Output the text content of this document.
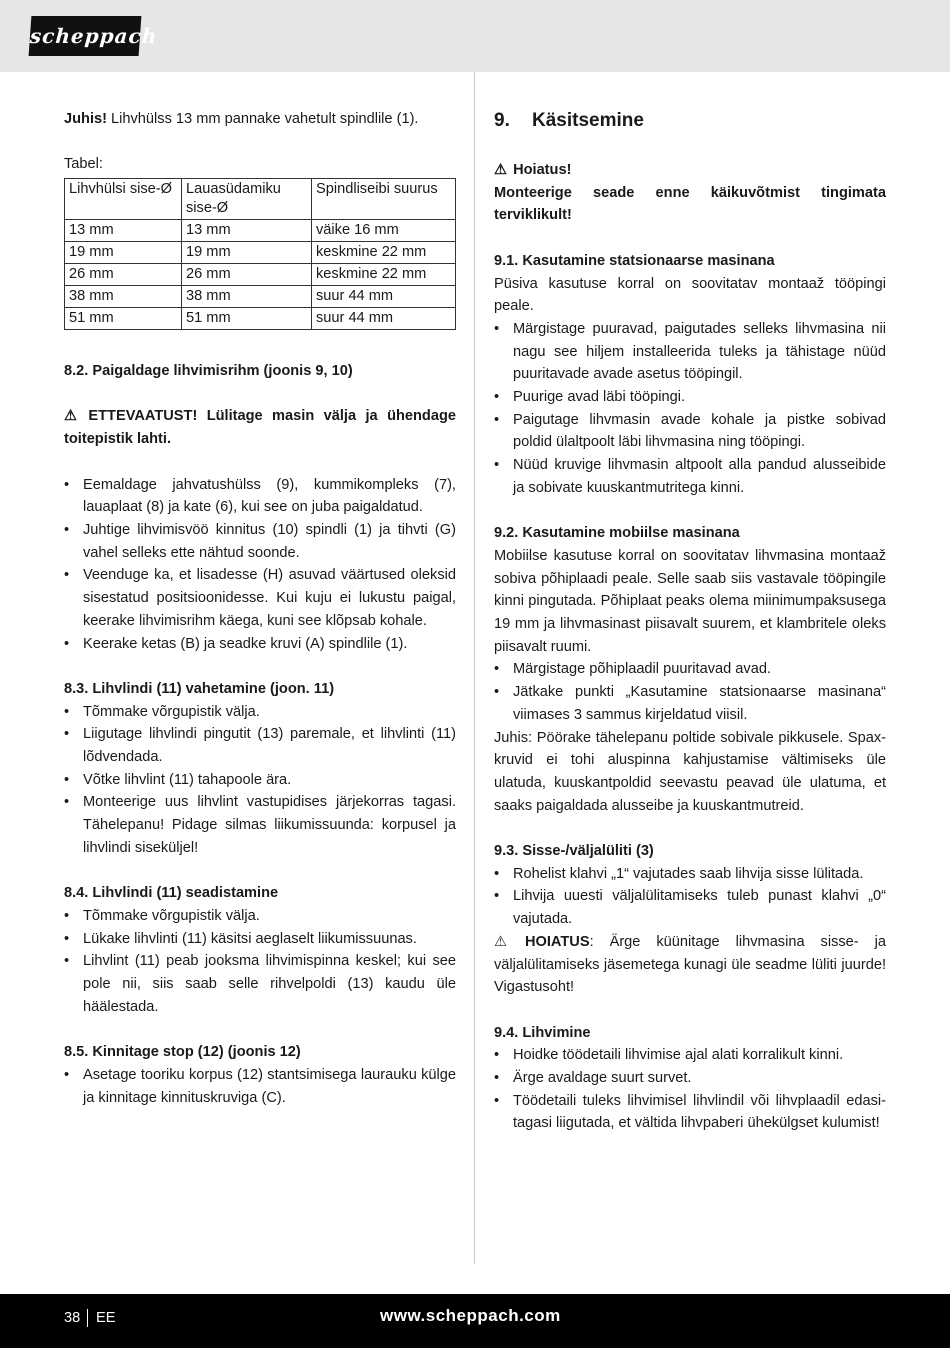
scheppach

Juhis! Lihvhülss 13 mm pannake vahetult spindlile (1).

Tabel:

Lihvhülsi sise-Ø	Lauasüdamiku sise-Ø	Spindliseibi suurus
13 mm	13 mm	väike 16 mm
19 mm	19 mm	keskmine 22 mm
26 mm	26 mm	keskmine 22 mm
38 mm	38 mm	suur 44 mm
51 mm	51 mm	suur 44 mm

8.2. Paigaldage lihvimisrihm (joonis 9, 10)

⚠ ETTEVAATUST! Lülitage masin välja ja ühendage toitepistik lahti.

• Eemaldage jahvatushülss (9), kummikompleks (7), lauaplaat (8) ja kate (6), kui see on juba paigaldatud.
• Juhtige lihvimisvöö kinnitus (10) spindli (1) ja tihvti (G) vahel selleks ette nähtud soonde.
• Veenduge ka, et lisadesse (H) asuvad väärtused oleksid sisestatud positsioonidesse. Kui kuju ei lukustu paigal, keerake lihvimisrihm käega, kuni see klõpsab kohale.
• Keerake ketas (B) ja seadke kruvi (A) spindlile (1).

8.3. Lihvlindi (11) vahetamine (joon. 11)

• Tõmmake võrgupistik välja.
• Liigutage lihvlindi pingutit (13) paremale, et lihvlinti (11) lõdvendada.
• Võtke lihvlint (11) tahapoole ära.
• Monteerige uus lihvlint vastupidises järjekorras tagasi. Tähelepanu! Pidage silmas liikumissuunda: korpusel ja lihvlindi siseküljel!

8.4. Lihvlindi (11) seadistamine

• Tõmmake võrgupistik välja.
• Lükake lihvlinti (11) käsitsi aeglaselt liikumissuunas.
• Lihvlint (11) peab jooksma lihvimispinna keskel; kui see pole nii, siis saab selle rihvelpoldi (13) kaudu üle häälestada.

8.5. Kinnitage stop (12) (joonis 12)

• Asetage tooriku korpus (12) stantsimisega laurauku külge ja kinnitage kinnituskruviga (C).
9. Käsitsemine

⚠ Hoiatus!

Monteerige seade enne käikuvõtmist tingimata terviklikult!

9.1. Kasutamine statsionaarse masinana

Püsiva kasutuse korral on soovitatav montaaž tööpingi peale.

• Märgistage puuravad, paigutades selleks lihvmasina nii nagu see hiljem installeerida tuleks ja tähistage nüüd puuritavade avade asetus tööpingil.
• Puurige avad läbi tööpingi.
• Paigutage lihvmasin avade kohale ja pistke sobivad poldid ülaltpoolt läbi lihvmasina ning tööpingi.
• Nüüd kruvige lihvmasin altpoolt alla pandud alusseibide ja sobivate kuuskantmutritega kinni.

9.2. Kasutamine mobiilse masinana

Mobiilse kasutuse korral on soovitatav lihvmasina montaaž sobiva põhiplaadi peale. Selle saab siis vastavale tööpingile kinni pingutada. Põhiplaat peaks olema miinimumpaksusega 19 mm ja lihvmasinast piisavalt suurem, et klambritele oleks piisavalt ruumi.

• Märgistage põhiplaadil puuritavad avad.
• Jätkake punkti „Kasutamine statsionaarse masinana“ viimases 3 sammus kirjeldatud viisil.

Juhis: Pöörake tähelepanu poltide sobivale pikkusele. Spax-kruvid ei tohi aluspinna kahjustamise vältimiseks üle ulatuda, kuuskantpoldid seevastu peavad üle ulatuma, et saaks paigaldada alusseibe ja kuuskantmutreid.

9.3. Sisse-/väljalüliti (3)

• Rohelist klahvi „1“ vajutades saab lihvija sisse lülitada.
• Lihvija uuesti väljalülitamiseks tuleb punast klahvi „0“ vajutada.

⚠ HOIATUS: Ärge küünitage lihvmasina sisse- ja väljalülitamiseks jäsemetega kunagi üle seadme lüliti juurde! Vigastusoht!

9.4. Lihvimine

• Hoidke töödetaili lihvimise ajal alati korralikult kinni.
• Ärge avaldage suurt survet.
• Töödetaili tuleks lihvimisel lihvlindil või lihvplaadil edasi-tagasi liigutada, et vältida lihvpaberi ühekülgset kulumist!
38 EE	www.scheppach.com
